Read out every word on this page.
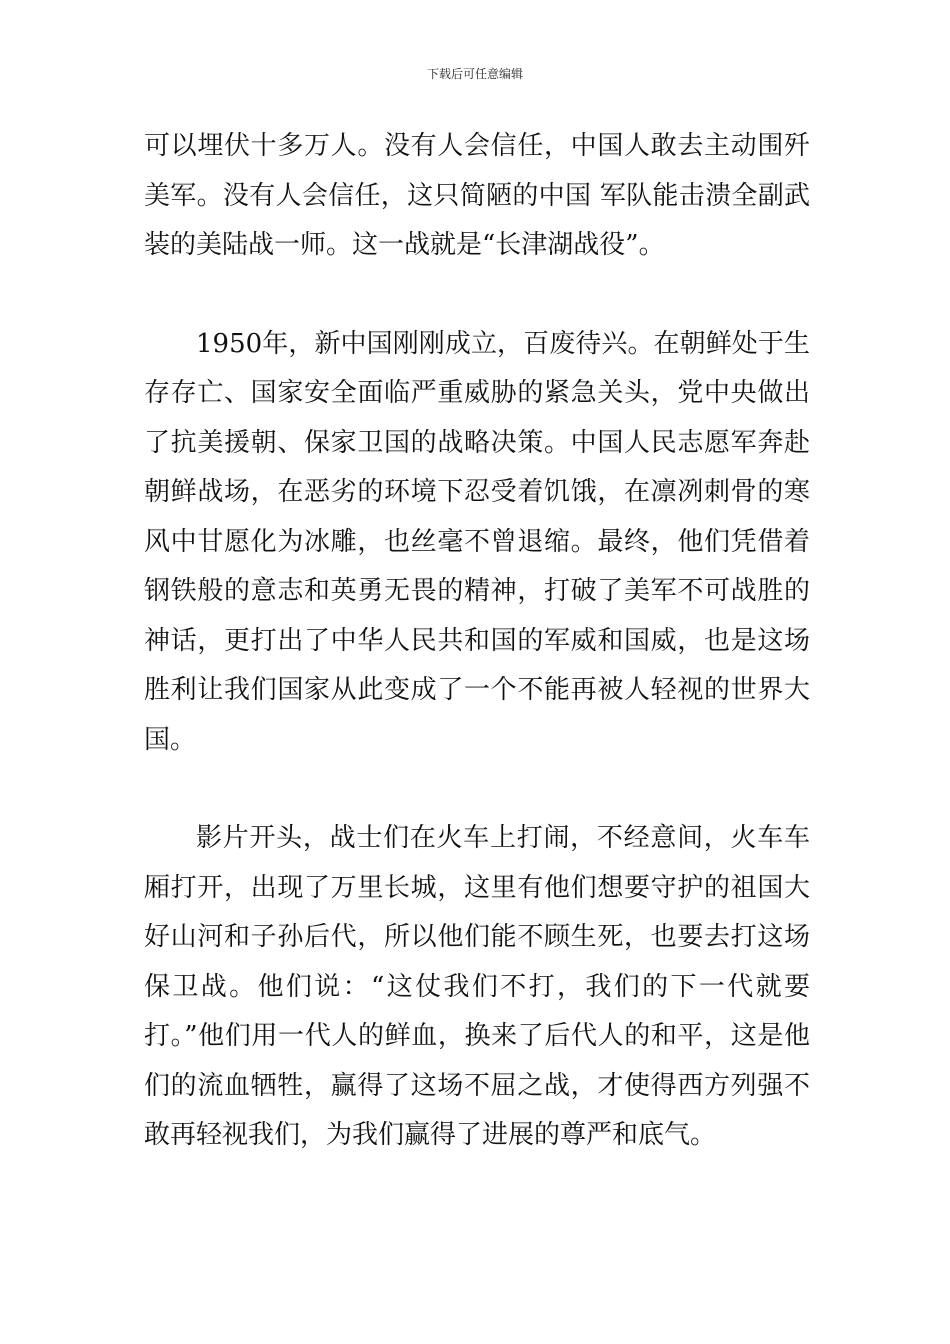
下载后可任意编辑

可以埋伏十多万人。没有人会信任，中国人敢去主动围歼美军。没有人会信任，这只简陋的中国 军队能击溃全副武装的美陆战一师。这一战就是“长津湖战役”。

1950年，新中国刚刚成立，百废待兴。在朝鲜处于生存存亡、国家安全面临严重威胁的紧急关头，党中央做出了抗美援朝、保家卫国的战略决策。中国人民志愿军奔赴朝鲜战场，在恶劣的环境下忍受着饥饿，在凛冽刺骨的寒风中甘愿化为冰雕，也丝毫不曾退缩。最终，他们凭借着钢铁般的意志和英勇无畏的精神，打破了美军不可战胜的神话，更打出了中华人民共和国的军威和国威，也是这场胜利让我们国家从此变成了一个不能再被人轻视的世界大国。

影片开头，战士们在火车上打闹，不经意间，火车车厢打开，出现了万里长城，这里有他们想要守护的祖国大好山河和子孙后代，所以他们能不顾生死，也要去打这场保卫战。他们说：“这仗我们不打，我们的下一代就要打。”他们用一代人的鲜血，换来了后代人的和平，这是他们的流血牺牲，赢得了这场不屈之战，才使得西方列强不敢再轻视我们，为我们赢得了进展的尊严和底气。
